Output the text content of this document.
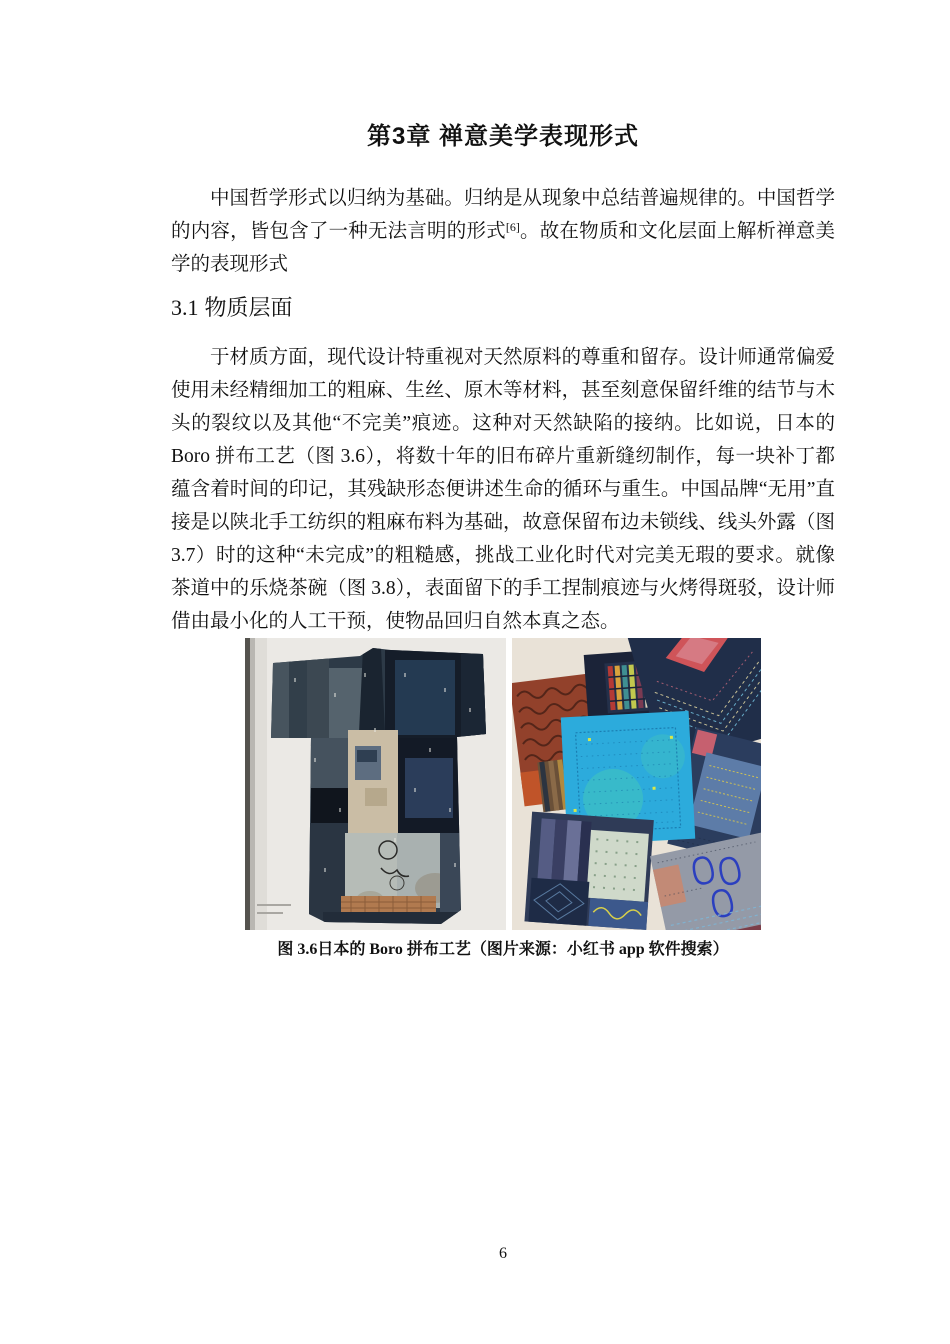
第3章 禅意美学表现形式

中国哲学形式以归纳为基础。归纳是从现象中总结普遍规律的。中国哲学的内容，皆包含了一种无法言明的形式[6]。故在物质和文化层面上解析禅意美学的表现形式

3.1 物质层面

于材质方面，现代设计特重视对天然原料的尊重和留存。设计师通常偏爱使用未经精细加工的粗麻、生丝、原木等材料，甚至刻意保留纤维的结节与木头的裂纹以及其他“不完美”痕迹。这种对天然缺陷的接纳。比如说，日本的Boro 拼布工艺（图 3.6），将数十年的旧布碎片重新缝纫制作，每一块补丁都蕴含着时间的印记，其残缺形态便讲述生命的循环与重生。中国品牌“无用”直接是以陕北手工纺织的粗麻布料为基础，故意保留布边未锁线、线头外露（图 3.7）时的这种“未完成”的粗糙感，挑战工业化时代对完美无瑕的要求。就像茶道中的乐烧茶碗（图 3.8），表面留下的手工捏制痕迹与火烤得斑驳，设计师借由最小化的人工干预，使物品回归自然本真之态。

图 3.6日本的 Boro 拼布工艺（图片来源：小红书 app 软件搜索）
6
